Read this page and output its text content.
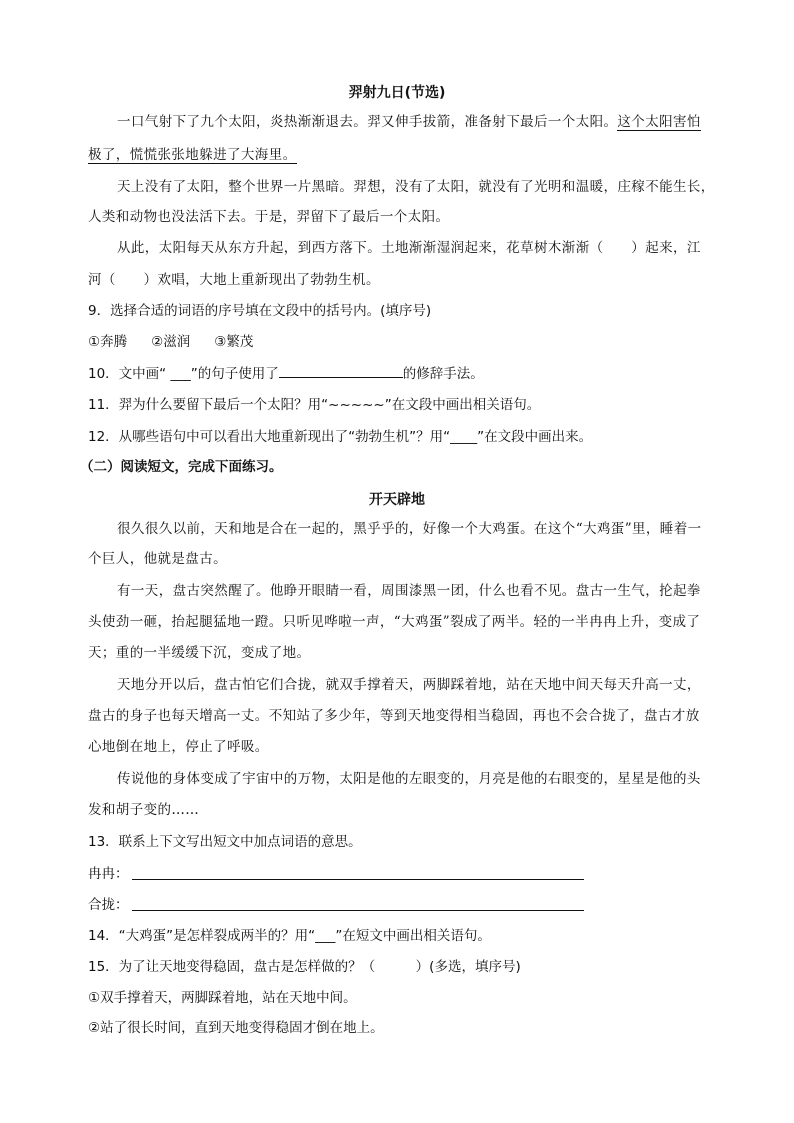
羿射九日(节选)
一口气射下了九个太阳，炎热渐渐退去。羿又伸手拔箭，准备射下最后一个太阳。这个太阳害怕
极了，慌慌张张地躲进了大海里。
天上没有了太阳，整个世界一片黑暗。羿想，没有了太阳，就没有了光明和温暖，庄稼不能生长，
人类和动物也没法活下去。于是，羿留下了最后一个太阳。
从此，太阳每天从东方升起，到西方落下。土地渐渐湿润起来，花草树木渐渐（　　）起来，江
河（　　）欢唱，大地上重新现出了勃勃生机。
9．选择合适的词语的序号填在文段中的括号内。(填序号)
①奔腾 ②滋润 ③繁茂
10．文中画“ ___”的句子使用了	的修辞手法。
11．羿为什么要留下最后一个太阳？用“~~~~~”在文段中画出相关语句。
12．从哪些语句中可以看出大地重新现出了“勃勃生机”？用“____”在文段中画出来。
（二）阅读短文，完成下面练习。
开天辟地
很久很久以前，天和地是合在一起的，黑乎乎的，好像一个大鸡蛋。在这个“大鸡蛋”里，睡着一
个巨人，他就是盘古。
有一天，盘古突然醒了。他睁开眼睛一看，周围漆黑一团，什么也看不见。盘古一生气，抡起拳
头使劲一砸，抬起腿猛地一蹬。只听见哗啦一声，“大鸡蛋”裂成了两半。轻的一半冉冉上升，变成了
天；重的一半缓缓下沉，变成了地。
天地分开以后，盘古怕它们合拢，就双手撑着天，两脚踩着地，站在天地中间天每天升高一丈，
盘古的身子也每天增高一丈。不知站了多少年，等到天地变得相当稳固，再也不会合拢了，盘古才放
心地倒在地上，停止了呼吸。
传说他的身体变成了宇宙中的万物，太阳是他的左眼变的，月亮是他的右眼变的，星星是他的头
发和胡子变的……
13．联系上下文写出短文中加点词语的意思。
冉冉：
合拢：
14．“大鸡蛋”是怎样裂成两半的？用“___”在短文中画出相关语句。
15．为了让天地变得稳固，盘古是怎样做的？（　　　）(多选，填序号)
①双手撑着天，两脚踩着地，站在天地中间。
②站了很长时间，直到天地变得稳固才倒在地上。
